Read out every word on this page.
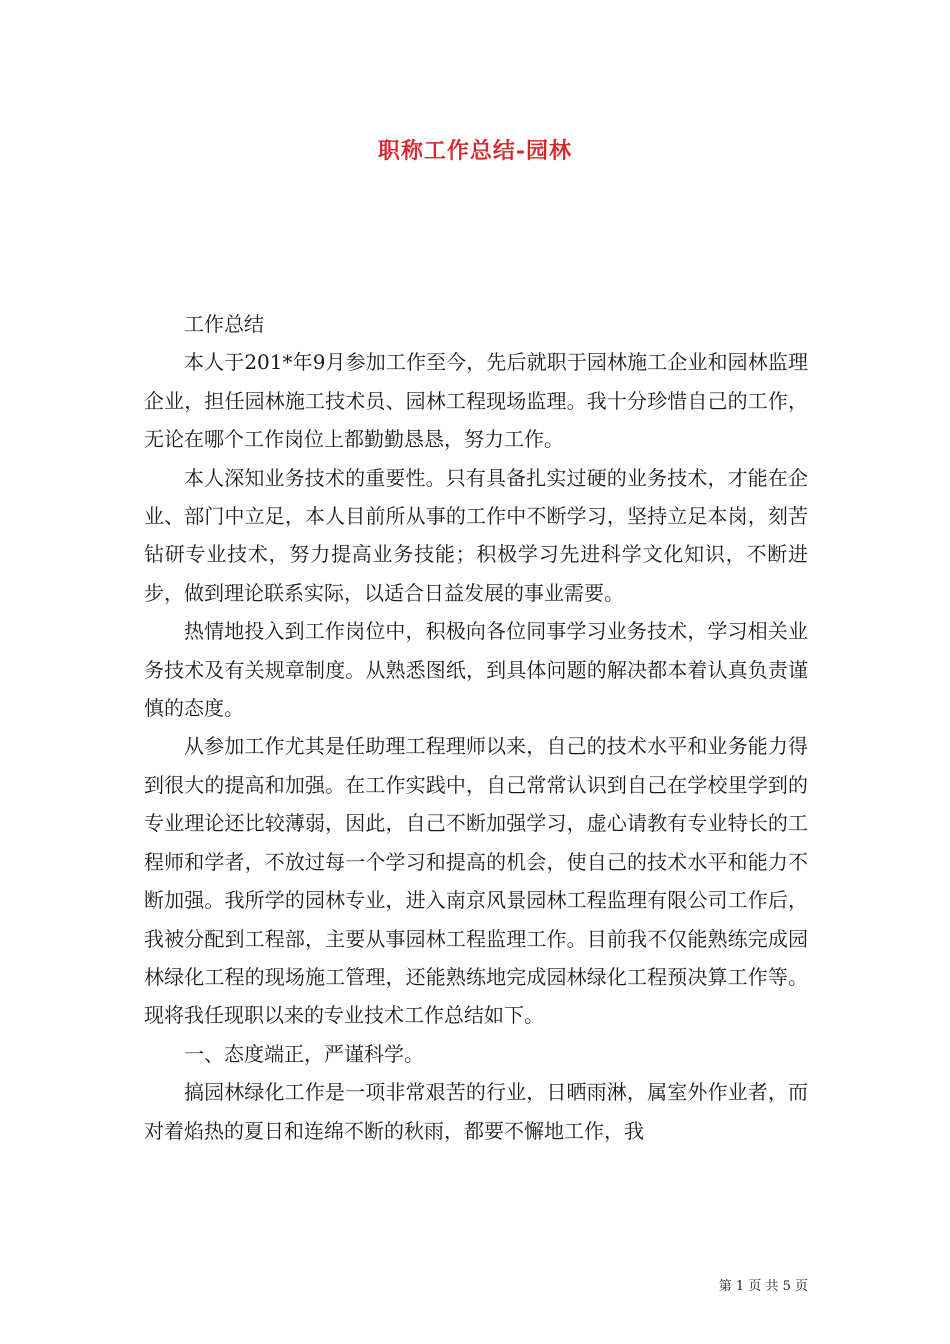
职称工作总结-园林

工作总结

本人于201*年9月参加工作至今，先后就职于园林施工企业和园林监理企业，担任园林施工技术员、园林工程现场监理。我十分珍惜自己的工作，无论在哪个工作岗位上都勤勤恳恳，努力工作。

本人深知业务技术的重要性。只有具备扎实过硬的业务技术，才能在企业、部门中立足，本人目前所从事的工作中不断学习，坚持立足本岗，刻苦钻研专业技术，努力提高业务技能；积极学习先进科学文化知识，不断进步，做到理论联系实际，以适合日益发展的事业需要。

热情地投入到工作岗位中，积极向各位同事学习业务技术，学习相关业务技术及有关规章制度。从熟悉图纸，到具体问题的解决都本着认真负责谨慎的态度。

从参加工作尤其是任助理工程理师以来，自己的技术水平和业务能力得到很大的提高和加强。在工作实践中，自己常常认识到自己在学校里学到的专业理论还比较薄弱，因此，自己不断加强学习，虚心请教有专业特长的工程师和学者，不放过每一个学习和提高的机会，使自己的技术水平和能力不断加强。我所学的园林专业，进入南京风景园林工程监理有限公司工作后，我被分配到工程部，主要从事园林工程监理工作。目前我不仅能熟练完成园林绿化工程的现场施工管理，还能熟练地完成园林绿化工程预决算工作等。现将我任现职以来的专业技术工作总结如下。

一、态度端正，严谨科学。

搞园林绿化工作是一项非常艰苦的行业，日晒雨淋，属室外作业者，而对着焰热的夏日和连绵不断的秋雨，都要不懈地工作，我

第 1 页 共 5 页
